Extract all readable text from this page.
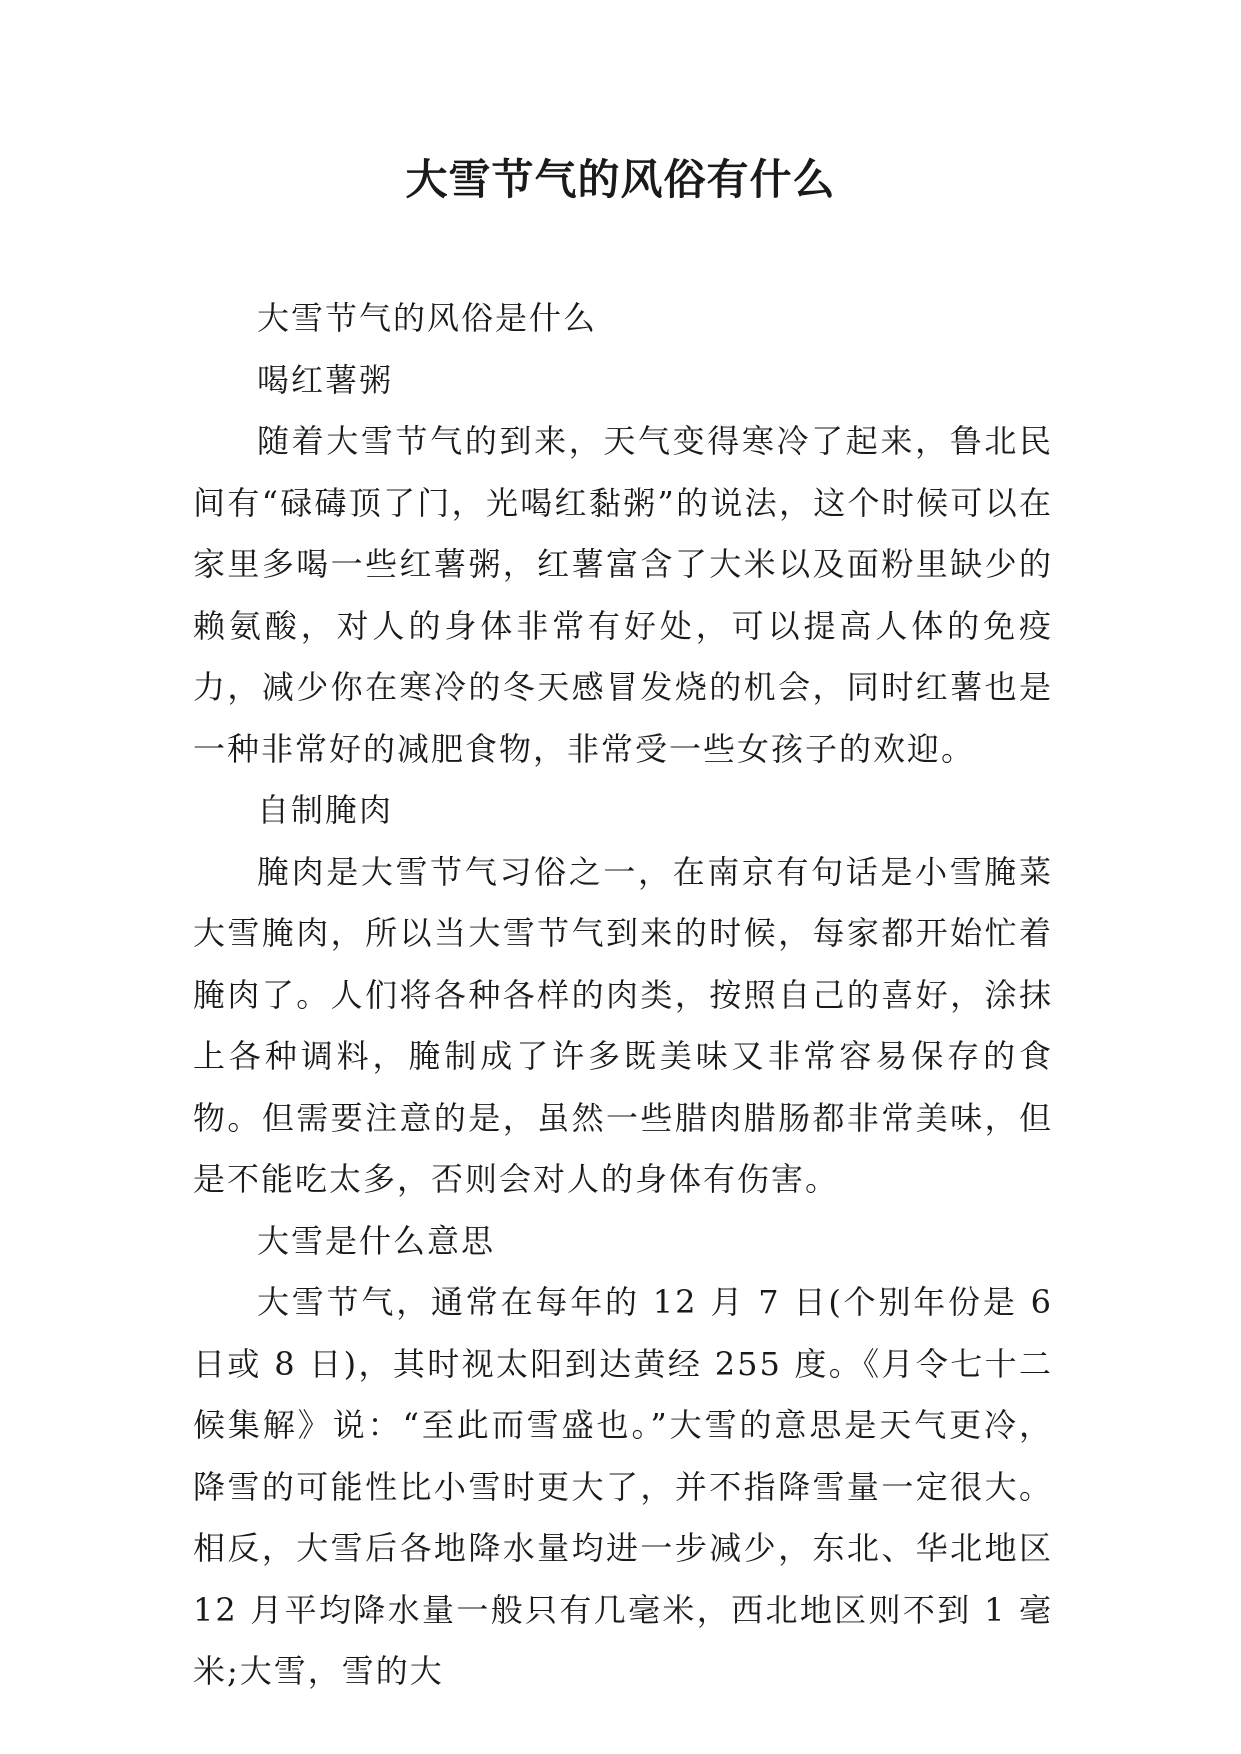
大雪节气的风俗有什么

大雪节气的风俗是什么

喝红薯粥

随着大雪节气的到来，天气变得寒冷了起来，鲁北民间有“碌碡顶了门，光喝红黏粥”的说法，这个时候可以在家里多喝一些红薯粥，红薯富含了大米以及面粉里缺少的赖氨酸，对人的身体非常有好处，可以提高人体的免疫力，减少你在寒冷的冬天感冒发烧的机会，同时红薯也是一种非常好的减肥食物，非常受一些女孩子的欢迎。

自制腌肉

腌肉是大雪节气习俗之一，在南京有句话是小雪腌菜大雪腌肉，所以当大雪节气到来的时候，每家都开始忙着腌肉了。人们将各种各样的肉类，按照自己的喜好，涂抹上各种调料，腌制成了许多既美味又非常容易保存的食物。但需要注意的是，虽然一些腊肉腊肠都非常美味，但是不能吃太多，否则会对人的身体有伤害。

大雪是什么意思

大雪节气，通常在每年的 12 月 7 日(个别年份是 6 日或 8 日)，其时视太阳到达黄经 255 度。《月令七十二候集解》说：“至此而雪盛也。”大雪的意思是天气更冷，降雪的可能性比小雪时更大了，并不指降雪量一定很大。相反，大雪后各地降水量均进一步减少，东北、华北地区 12 月平均降水量一般只有几毫米，西北地区则不到 1 毫米;大雪，雪的大
